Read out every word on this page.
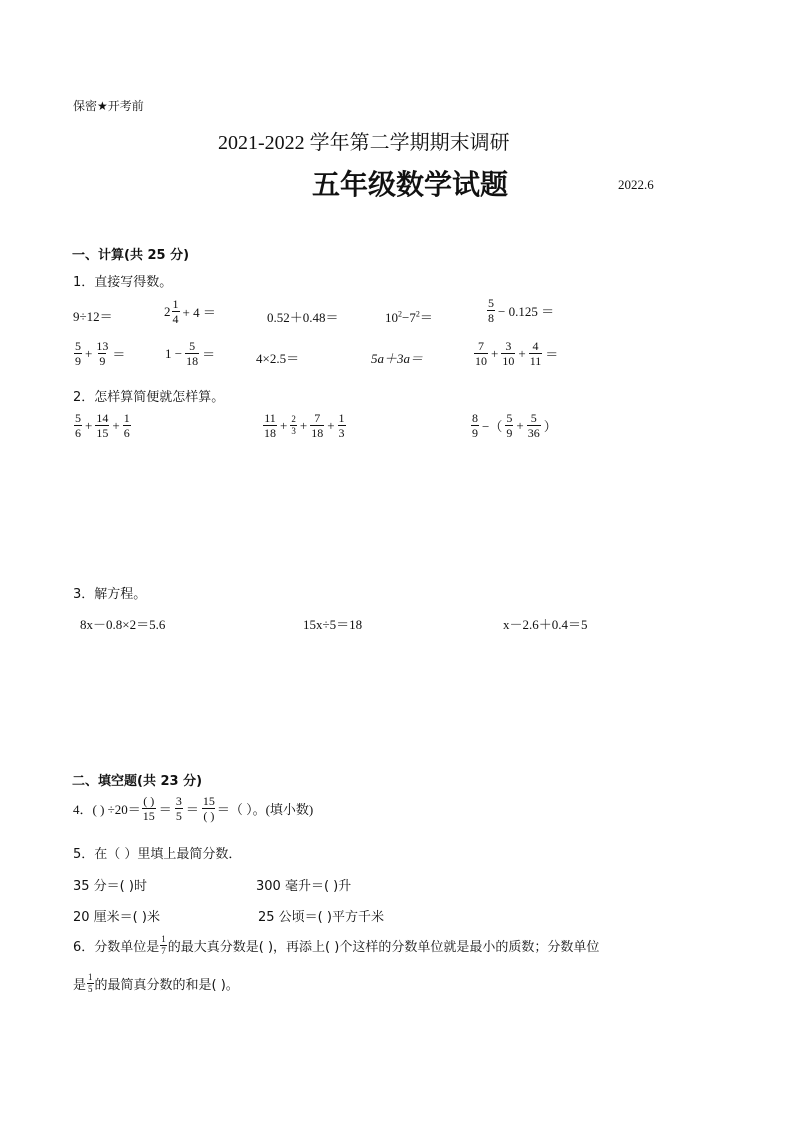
保密★开考前
2021-2022 学年第二学期期末调研
五年级数学试题	2022.6
一、计算(共 25 分)
1．直接写得数。
9÷12＝	$2 \frac{1}{4} + 4$ ＝	0.52＋0.48＝	$10^2-7^2=$	$\frac{5}{8} - 0.125$ ＝
$\frac{5}{9} + \frac{13}{9}$ ＝	$1 - \frac{5}{18}$ ＝	4×2.5＝	5a＋3a＝	$\frac{7}{10} + \frac{3}{10} + \frac{4}{11}$ ＝
2．怎样算简便就怎样算。
$\frac{5}{6} + \frac{14}{15} + \frac{1}{6}$	$\frac{11}{18} + \frac{2}{3} + \frac{7}{18} + \frac{1}{3}$	$\frac{8}{9}$ −（ $\frac{5}{9} + \frac{5}{36}$ ）
3．解方程。
8x－0.8×2＝5.6	15x÷5＝18	x－2.6＋0.4＝5
二、填空题(共 23 分)
4．( ) $\div 20= \frac{( )}{15} = \frac{3}{5} = \frac{15}{( )}$ ＝（ ）。(填小数)
5．在（ ）里填上最简分数．
35 分＝( )时	300 毫升＝( )升
20 厘米＝( )米	25 公顷＝( )平方千米
6．分数单位是 $\frac{1}{7}$ 的最大真分数是( )，再添上( )个这样的分数单位就是最小的质数；分数单位
是 $\frac{1}{5}$ 的最简真分数的和是( )。
